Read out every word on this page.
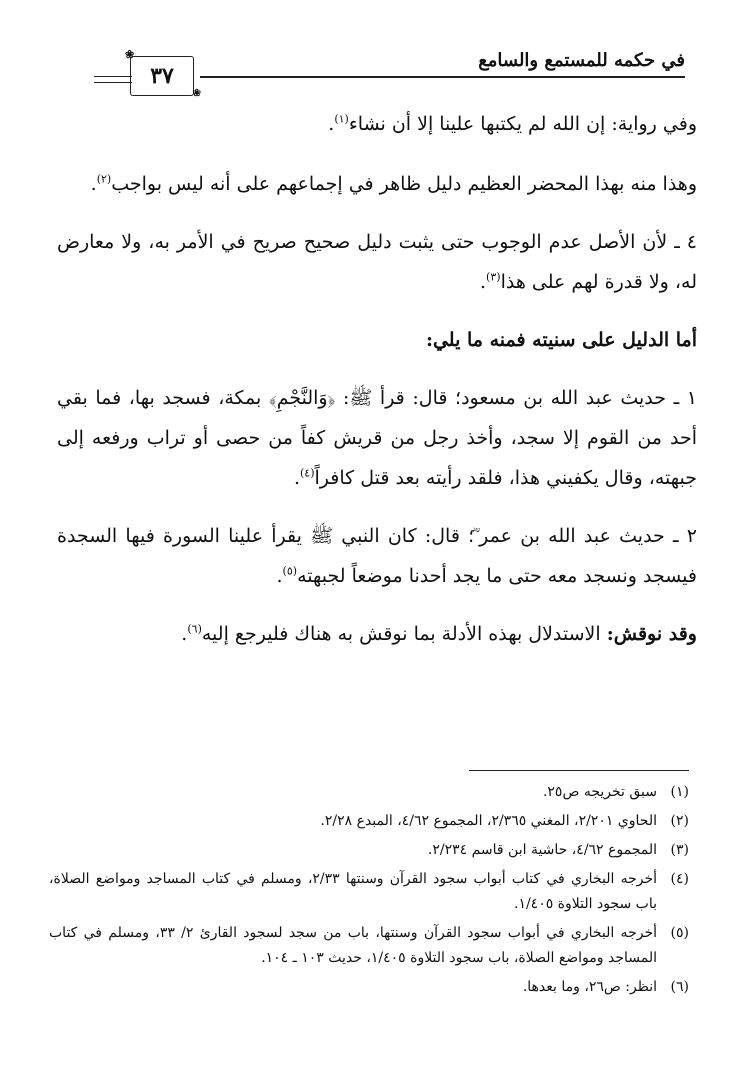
في حكمه للمستمع والسامع
❀
٣٧
❀

وفي رواية: إن الله لم يكتبها علينا إلا أن نشاء$^{(١)}$.

وهذا منه بهذا المحضر العظيم دليل ظاهر في إجماعهم على أنه ليس بواجب$^{(٢)}$.

٤ ـ لأن الأصل عدم الوجوب حتى يثبت دليل صحيح صريح في الأمر به، ولا معارض له، ولا قدرة لهم على هذا$^{(٣)}$.

أما الدليل على سنيته فمنه ما يلي:

١ ـ حديث عبد الله بن مسعود؛ قال: قرأ ﷺ: ﴿وَالنَّجْمِ﴾ بمكة، فسجد بها، فما بقي أحد من القوم إلا سجد، وأخذ رجل من قريش كفاً من حصى أو تراب ورفعه إلى جبهته، وقال يكفيني هذا، فلقد رأيته بعد قتل كافراً$^{(٤)}$.

٢ ـ حديث عبد الله بن عمر ؓ؛ قال: كان النبي ﷺ يقرأ علينا السورة فيها السجدة فيسجد ونسجد معه حتى ما يجد أحدنا موضعاً لجبهته$^{(٥)}$.

وقد نوقش: الاستدلال بهذه الأدلة بما نوقش به هناك فليرجع إليه$^{(٦)}$.

(١)
سبق تخريجه ص٢٥.
(٢)
الحاوي ٢/٢٠١، المغني ٢/٣٦٥، المجموع ٤/٦٢، المبدع ٢/٢٨.
(٣)
المجموع ٤/٦٢، حاشية ابن قاسم ٢/٢٣٤.
(٤)
أخرجه البخاري في كتاب أبواب سجود القرآن وسنتها ٢/٣٣، ومسلم في كتاب المساجد ومواضع الصلاة، باب سجود التلاوة ١/٤٠٥.
(٥)
أخرجه البخاري في أبواب سجود القرآن وسنتها، باب من سجد لسجود القارئ ٢/ ٣٣، ومسلم في كتاب المساجد ومواضع الصلاة، باب سجود التلاوة ١/٤٠٥، حديث ١٠٣ ـ ١٠٤.
(٦)
انظر: ص٢٦، وما بعدها.
